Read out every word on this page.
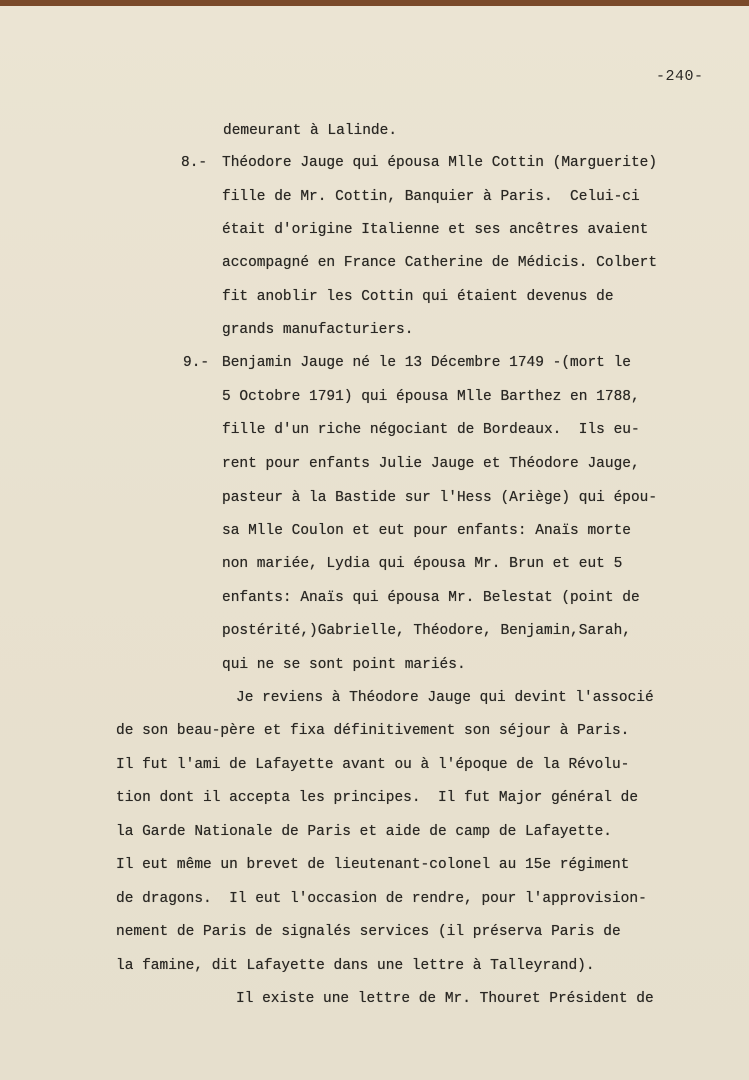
-240-
8.-
9.-
demeurant à Lalinde.
Théodore Jauge qui épousa Mlle Cottin (Marguerite)
fille de Mr. Cottin, Banquier à Paris.  Celui-ci
était d'origine Italienne et ses ancêtres avaient
accompagné en France Catherine de Médicis. Colbert
fit anoblir les Cottin qui étaient devenus de
grands manufacturiers.
Benjamin Jauge né le 13 Décembre 1749 -(mort le
5 Octobre 1791) qui épousa Mlle Barthez en 1788,
fille d'un riche négociant de Bordeaux.  Ils eu-
rent pour enfants Julie Jauge et Théodore Jauge,
pasteur à la Bastide sur l'Hess (Ariège) qui épou-
sa Mlle Coulon et eut pour enfants: Anaïs morte
non mariée, Lydia qui épousa Mr. Brun et eut 5
enfants: Anaïs qui épousa Mr. Belestat (point de
postérité,)Gabrielle, Théodore, Benjamin,Sarah,
qui ne se sont point mariés.
Je reviens à Théodore Jauge qui devint l'associé
de son beau-père et fixa définitivement son séjour à Paris.
Il fut l'ami de Lafayette avant ou à l'époque de la Révolu-
tion dont il accepta les principes.  Il fut Major général de
la Garde Nationale de Paris et aide de camp de Lafayette.
Il eut même un brevet de lieutenant-colonel au 15e régiment
de dragons.  Il eut l'occasion de rendre, pour l'approvision-
nement de Paris de signalés services (il préserva Paris de
la famine, dit Lafayette dans une lettre à Talleyrand).
Il existe une lettre de Mr. Thouret Président de
